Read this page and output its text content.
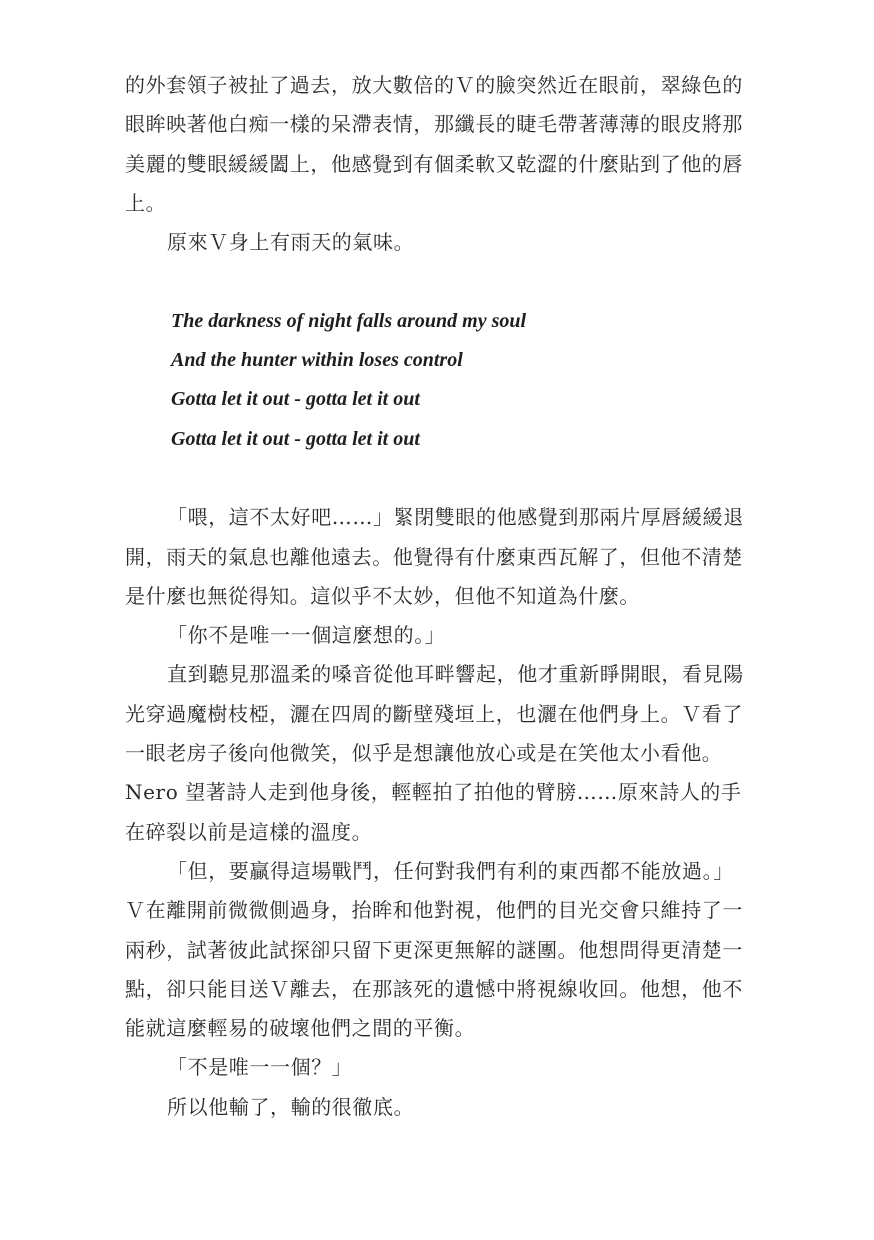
的外套領子被扯了過去，放大數倍的Ｖ的臉突然近在眼前，翠綠色的
眼眸映著他白痴一樣的呆滯表情，那纖長的睫毛帶著薄薄的眼皮將那
美麗的雙眼緩緩闔上，他感覺到有個柔軟又乾澀的什麼貼到了他的唇
上。
原來Ｖ身上有雨天的氣味。
The darkness of night falls around my soul
And the hunter within loses control
Gotta let it out - gotta let it out
Gotta let it out - gotta let it out
「喂，這不太好吧……」緊閉雙眼的他感覺到那兩片厚唇緩緩退
開，雨天的氣息也離他遠去。他覺得有什麼東西瓦解了，但他不清楚
是什麼也無從得知。這似乎不太妙，但他不知道為什麼。
「你不是唯一一個這麼想的。」
直到聽見那溫柔的嗓音從他耳畔響起，他才重新睜開眼，看見陽
光穿過魔樹枝椏，灑在四周的斷壁殘垣上，也灑在他們身上。Ｖ看了
一眼老房子後向他微笑，似乎是想讓他放心或是在笑他太小看他。
Nero 望著詩人走到他身後，輕輕拍了拍他的臂膀……原來詩人的手
在碎裂以前是這樣的溫度。
「但，要贏得這場戰鬥，任何對我們有利的東西都不能放過。」
Ｖ在離開前微微側過身，抬眸和他對視，他們的目光交會只維持了一
兩秒，試著彼此試探卻只留下更深更無解的謎團。他想問得更清楚一
點，卻只能目送Ｖ離去，在那該死的遺憾中將視線收回。他想，他不
能就這麼輕易的破壞他們之間的平衡。
「不是唯一一個？」
所以他輸了，輸的很徹底。
